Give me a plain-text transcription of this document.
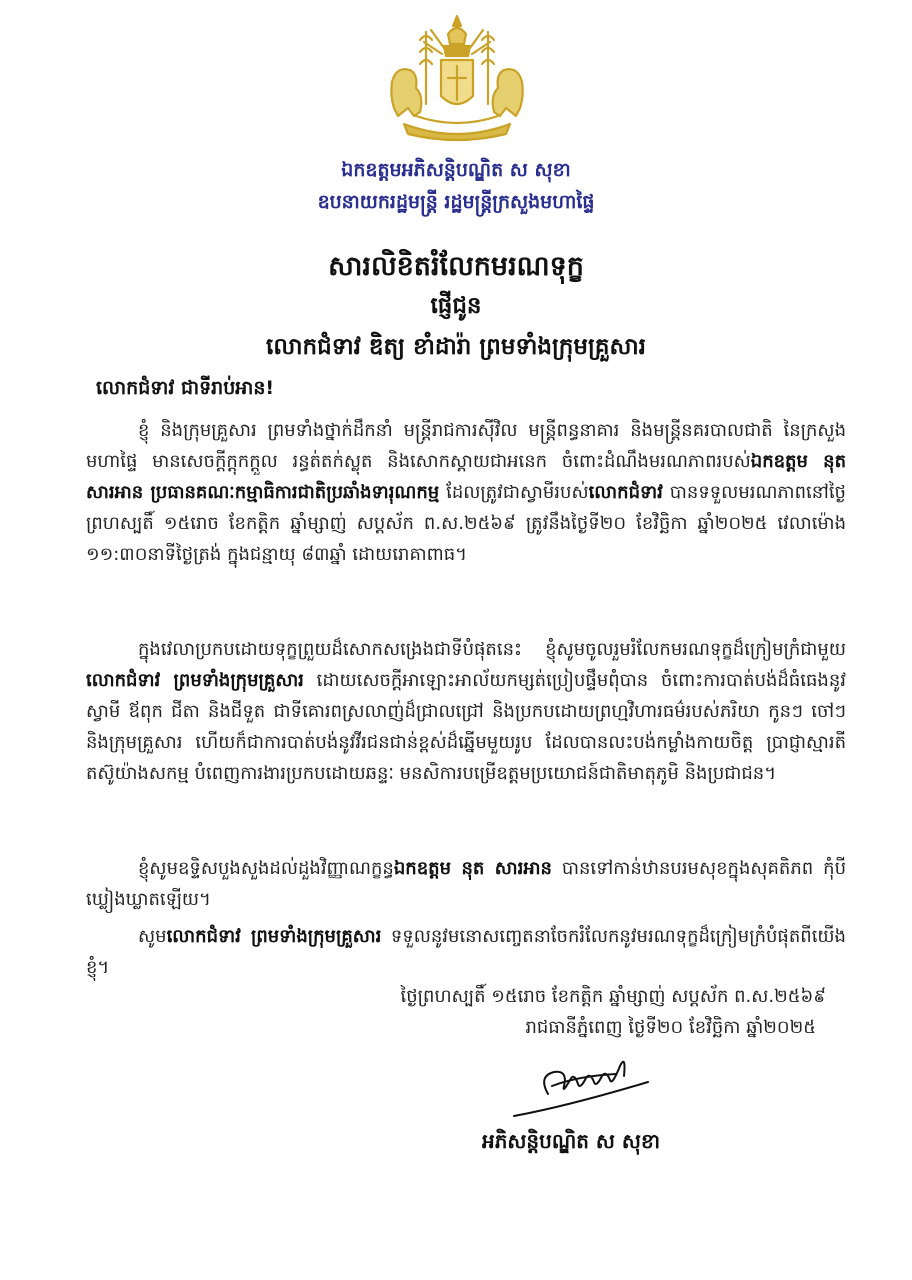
ឯកឧត្តមអភិសន្តិបណ្ឌិត ស សុខា
ឧបនាយករដ្ឋមន្ត្រី រដ្ឋមន្ត្រីក្រសួងមហាផ្ទៃ
សារលិខិតរំលែកមរណទុក្ខ
ផ្ញើជូន
លោកជំទាវ ឌិត្យ ខាំដារ៉ា ព្រមទាំងក្រុមគ្រួសារ
លោកជំទាវ ជាទីរាប់អាន!
ខ្ញុំ និងក្រុមគ្រួសារ ព្រមទាំងថ្នាក់ដឹកនាំ មន្ត្រីរាជការស៊ីវិល មន្ត្រីពន្ធនាគារ និងមន្ត្រីនគរបាលជាតិ នៃក្រសួងមហាផ្ទៃ មានសេចក្តីក្តុកក្តួល រន្ធត់តក់ស្លុត និងសោកស្តាយជាអនេក ចំពោះដំណឹងមរណភាពរបស់ឯកឧត្តម នុត សារអាន ប្រធានគណៈកម្មាធិការជាតិប្រឆាំងទារុណកម្ម ដែលត្រូវជាស្វាមីរបស់លោកជំទាវ បានទទួលមរណភាពនៅថ្ងៃព្រហស្បតិ៍ ១៥រោច ខែកត្តិក ឆ្នាំម្សាញ់ សប្តស័ក ព.ស.២៥៦៩ ត្រូវនឹងថ្ងៃទី២០ ខែវិច្ឆិកា ឆ្នាំ២០២៥ វេលាម៉ោង ១១:៣០នាទីថ្ងៃត្រង់ ក្នុងជន្មាយុ ៨៣ឆ្នាំ ដោយរោគាពាធ។
ក្នុងវេលាប្រកបដោយទុក្ខព្រួយដ៏សោកសង្រេងជាទីបំផុតនេះ ខ្ញុំសូមចូលរួមរំលែកមរណទុក្ខដ៏ក្រៀមក្រំជាមួយលោកជំទាវ ព្រមទាំងក្រុមគ្រួសារ ដោយសេចក្តីអាឡោះអាល័យកម្សត់ប្រៀបផ្ទឹមពុំបាន ចំពោះការបាត់បង់ដ៏ធំធេងនូវស្វាមី ឪពុក ជីតា និងជីទួត ជាទីគោរពស្រលាញ់ដ៏ជ្រាលជ្រៅ និងប្រកបដោយព្រហ្មវិហារធម៌របស់ភរិយា កូនៗ ចៅៗ និងក្រុមគ្រួសារ ហើយក៏ជាការបាត់បង់នូវវីរជនជាន់ខ្ពស់ដ៏ឆ្នើមមួយរូប ដែលបានលះបង់កម្លាំងកាយចិត្ត ប្រាជ្ញាស្មារតី តស៊ូយ៉ាងសកម្ម បំពេញការងារប្រកបដោយឆន្ទៈ មនសិការបម្រើឧត្តមប្រយោជន៍ជាតិមាតុភូមិ និងប្រជាជន។
ខ្ញុំសូមឧទ្ទិសបួងសួងដល់ដួងវិញ្ញាណក្ខន្ធឯកឧត្តម នុត សារអាន បានទៅកាន់ឋានបរមសុខក្នុងសុគតិភព កុំបីឃ្លៀងឃ្លាតឡើយ។
សូមលោកជំទាវ ព្រមទាំងក្រុមគ្រួសារ ទទួលនូវមនោសញ្ចេតនាចែករំលែកនូវមរណទុក្ខដ៏ក្រៀមក្រំបំផុតពីយើងខ្ញុំ។
ថ្ងៃព្រហស្បតិ៍ ១៥រោច ខែកត្តិក ឆ្នាំម្សាញ់ សប្តស័ក ព.ស.២៥៦៩
រាជធានីភ្នំពេញ ថ្ងៃទី២០ ខែវិច្ឆិកា ឆ្នាំ២០២៥
អភិសន្តិបណ្ឌិត ស សុខា
